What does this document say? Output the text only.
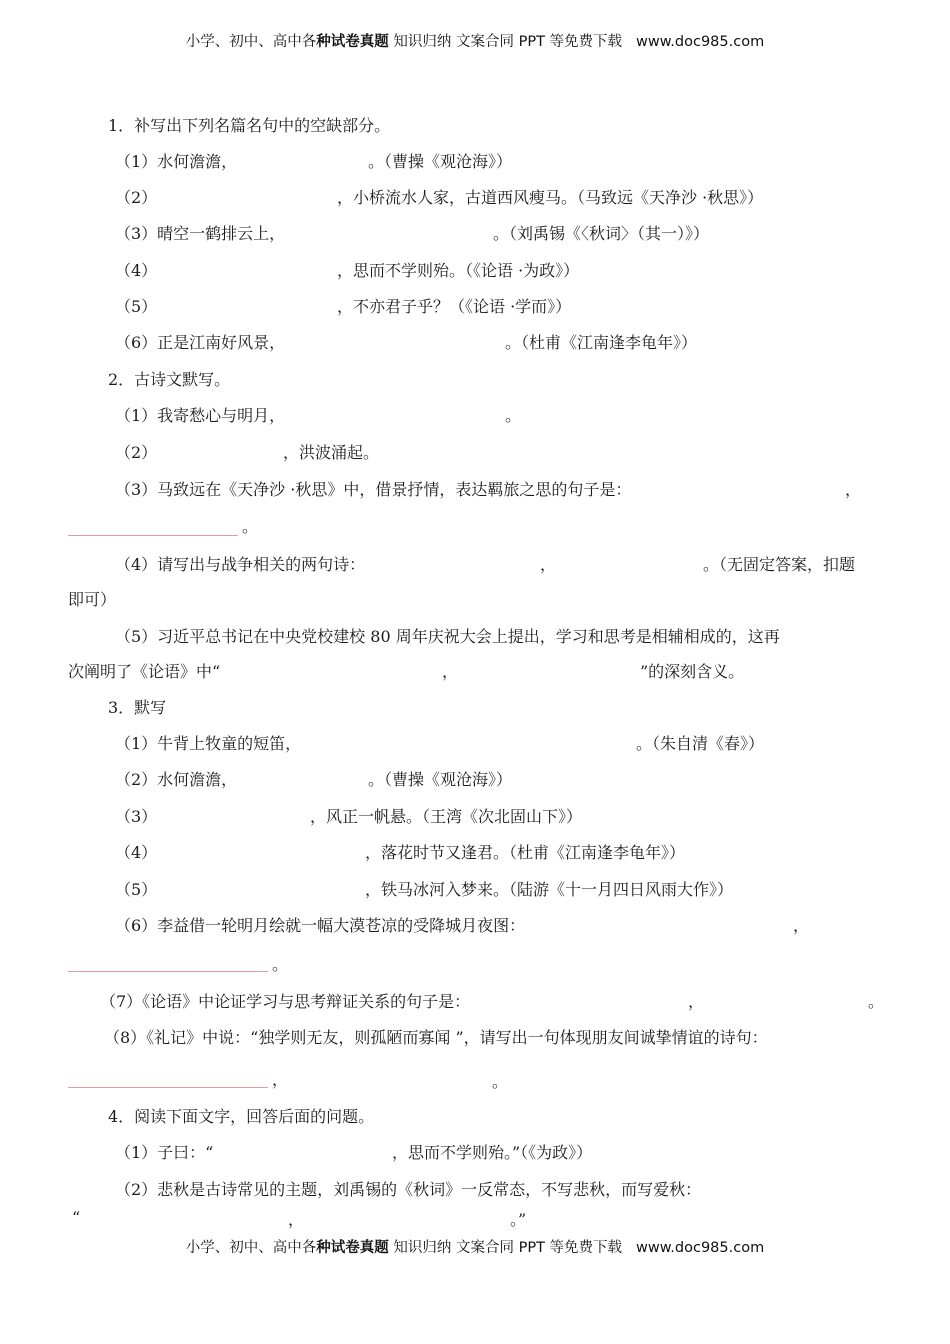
小学、初中、高中各种试卷真题 知识归纳 文案合同 PPT 等免费下载 www.doc985.com
1．补写出下列名篇名句中的空缺部分。
（1）水何澹澹，	。（曹操《观沧海》）
（2）	，小桥流水人家，古道西风瘦马。（马致远《天净沙 ·秋思》）
（3）晴空一鹤排云上，	。（刘禹锡《〈秋词〉（其一）》）
（4）	，思而不学则殆。（《论语 ·为政》）
（5）	，不亦君子乎？（《论语 ·学而》）
（6）正是江南好风景，	。（杜甫《江南逢李龟年》）
2．古诗文默写。
（1）我寄愁心与明月，	。
（2）	，洪波涌起。
（3）马致远在《天净沙 ·秋思》中，借景抒情，表达羁旅之思的句子是：	，
。
（4）请写出与战争相关的两句诗：	，	。（无固定答案，扣题
即可）
（5）习近平总书记在中央党校建校 80 周年庆祝大会上提出，学习和思考是相辅相成的，这再
次阐明了《论语》中“	，	”的深刻含义。
3．默写
（1）牛背上牧童的短笛，	。（朱自清《春》）
（2）水何澹澹，	。（曹操《观沧海》）
（3）	，风正一帆悬。（王湾《次北固山下》）
（4）	，落花时节又逢君。（杜甫《江南逢李龟年》）
（5）	，铁马冰河入梦来。（陆游《十一月四日风雨大作》）
（6）李益借一轮明月绘就一幅大漠苍凉的受降城月夜图：	，
。
（7）《论语》中论证学习与思考辩证关系的句子是：	，	。
（8）《礼记》中说：“独学则无友，则孤陋而寡闻 ”，请写出一句体现朋友间诚挚情谊的诗句：
，	。
4．阅读下面文字，回答后面的问题。
（1）子曰：“	，思而不学则殆。”（《为政》）
（2）悲秋是古诗常见的主题，刘禹锡的《秋词》一反常态，不写悲秋，而写爱秋：
“	，	。”
小学、初中、高中各种试卷真题 知识归纳 文案合同 PPT 等免费下载 www.doc985.com
